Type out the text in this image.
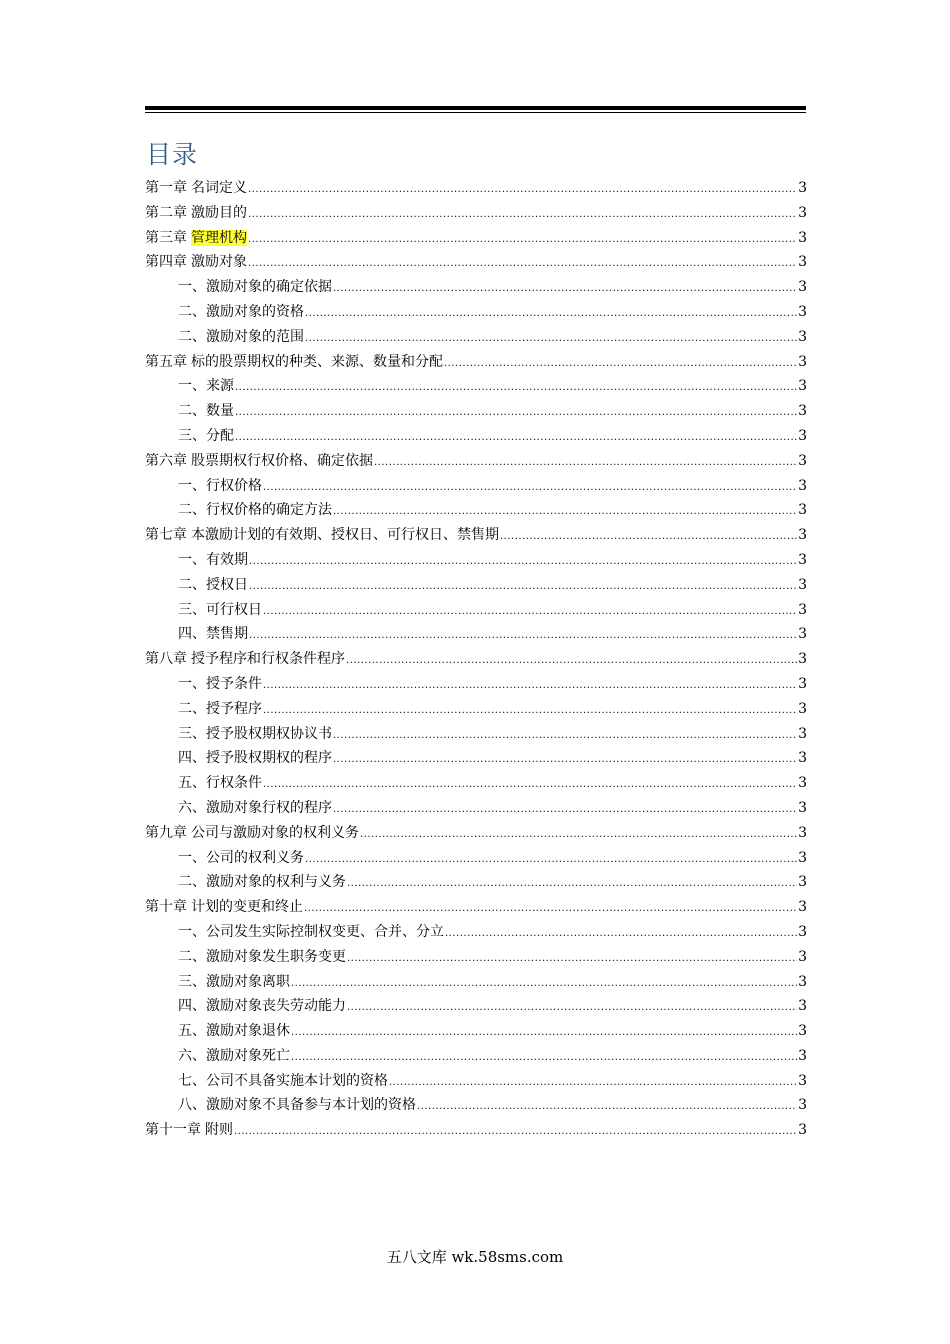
目录
第一章 名词定义 .....	3
第二章 激励目的 .....	3
第三章 管理机构 .....	3
第四章 激励对象 .....	3
一、激励对象的确定依据 .....	3
二、激励对象的资格 .....	3
二、激励对象的范围 .....	3
第五章 标的股票期权的种类、来源、数量和分配 .....	3
一、来源 .....	3
二、数量 .....	3
三、分配 .....	3
第六章 股票期权行权价格、确定依据 .....	3
一、行权价格 .....	3
二、行权价格的确定方法 .....	3
第七章 本激励计划的有效期、授权日、可行权日、禁售期 .....	3
一、有效期 .....	3
二、授权日 .....	3
三、可行权日 .....	3
四、禁售期 .....	3
第八章 授予程序和行权条件程序 .....	3
一、授予条件 .....	3
二、授予程序 .....	3
三、授予股权期权协议书 .....	3
四、授予股权期权的程序 .....	3
五、行权条件 .....	3
六、激励对象行权的程序 .....	3
第九章 公司与激励对象的权利义务 .....	3
一、公司的权利义务 .....	3
二、激励对象的权利与义务 .....	3
第十章 计划的变更和终止 .....	3
一、公司发生实际控制权变更、合并、分立 .....	3
二、激励对象发生职务变更 .....	3
三、激励对象离职 .....	3
四、激励对象丧失劳动能力 .....	3
五、激励对象退休 .....	3
六、激励对象死亡 .....	3
七、公司不具备实施本计划的资格 .....	3
八、激励对象不具备参与本计划的资格 .....	3
第十一章 附则 .....	3
五八文库 wk.58sms.com
